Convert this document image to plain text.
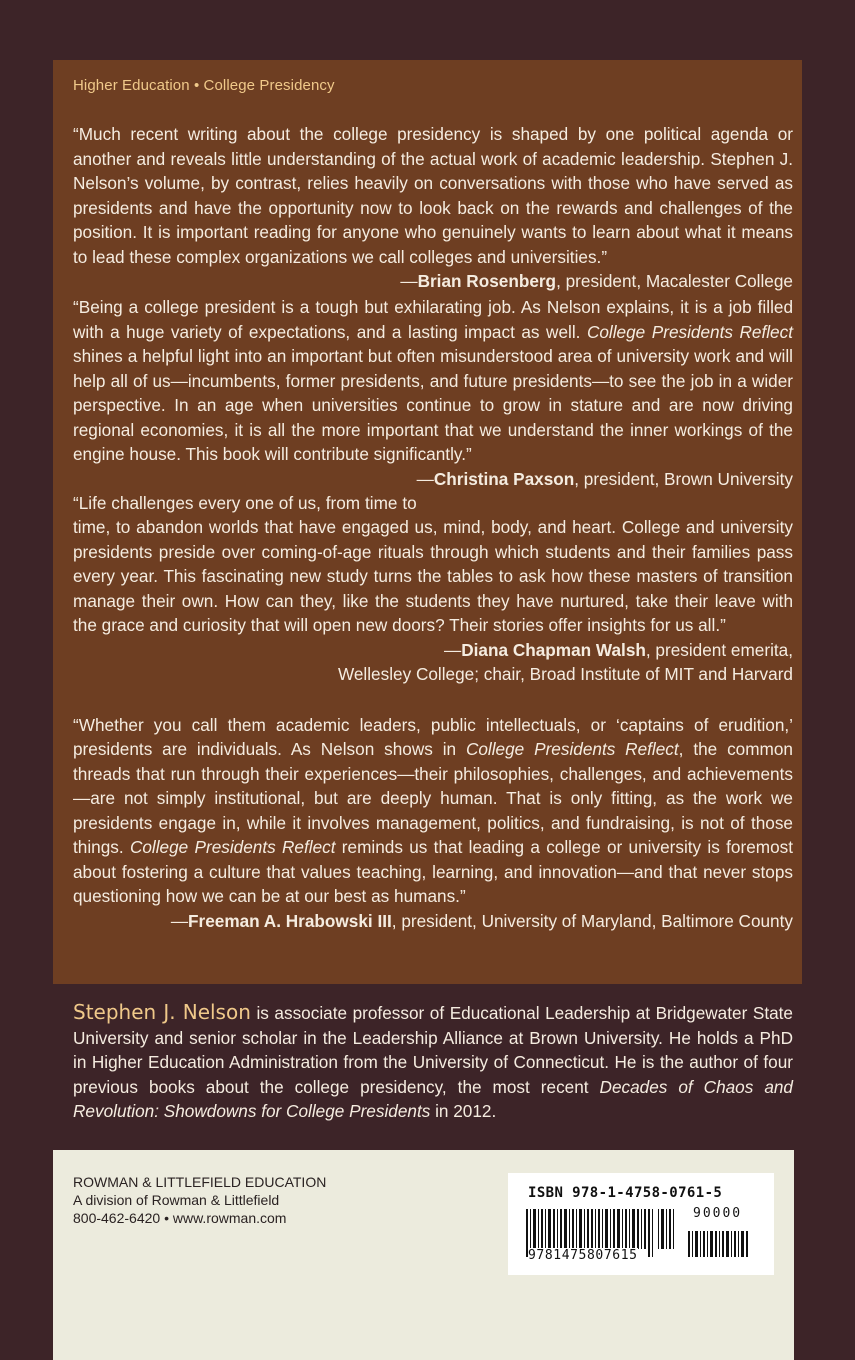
Higher Education • College Presidency

“Much recent writing about the college presidency is shaped by one political agenda or another and reveals little understanding of the actual work of academic leadership. Stephen J. Nelson’s volume, by contrast, relies heavily on conversations with those who have served as presidents and have the opportunity now to look back on the rewards and challenges of the position. It is important reading for anyone who genuinely wants to learn about what it means to lead these complex organizations we call colleges and universities.”
—Brian Rosenberg, president, Macalester College

“Being a college president is a tough but exhilarating job. As Nelson explains, it is a job filled with a huge variety of expectations, and a lasting impact as well. College Presidents Reflect shines a helpful light into an important but often misunderstood area of university work and will help all of us—incumbents, former presidents, and future presidents—to see the job in a wider perspective. In an age when universities continue to grow in stature and are now driving regional economies, it is all the more important that we understand the inner workings of the engine house. This book will contribute significantly.”
—Christina Paxson, president, Brown University

“Life challenges every one of us, from time to time, to abandon worlds that have engaged us, mind, body, and heart. College and university presidents preside over coming-of-age rituals through which students and their families pass every year. This fascinating new study turns the tables to ask how these masters of transition manage their own. How can they, like the students they have nurtured, take their leave with the grace and curiosity that will open new doors? Their stories offer insights for us all.”
—Diana Chapman Walsh, president emerita,
Wellesley College; chair, Broad Institute of MIT and Harvard

“Whether you call them academic leaders, public intellectuals, or ‘captains of erudition,’ presidents are individuals. As Nelson shows in College Presidents Reflect, the common threads that run through their experiences—their philosophies, challenges, and achievements—are not simply institutional, but are deeply human. That is only fitting, as the work we presidents engage in, while it involves management, politics, and fundraising, is not of those things. College Presidents Reflect reminds us that leading a college or university is foremost about fostering a culture that values teaching, learning, and innovation—and that never stops questioning how we can be at our best as humans.”
—Freeman A. Hrabowski III, president, University of Maryland, Baltimore County

Stephen J. Nelson is associate professor of Educational Leadership at Bridgewater State University and senior scholar in the Leadership Alliance at Brown University. He holds a PhD in Higher Education Administration from the University of Connecticut. He is the author of four previous books about the college presidency, the most recent Decades of Chaos and Revolution: Showdowns for College Presidents in 2012.
ROWMAN & LITTLEFIELD EDUCATION
A division of Rowman & Littlefield
800-462-6420 • www.rowman.com
ISBN 978-1-4758-0761-5
90000
9781475807615
